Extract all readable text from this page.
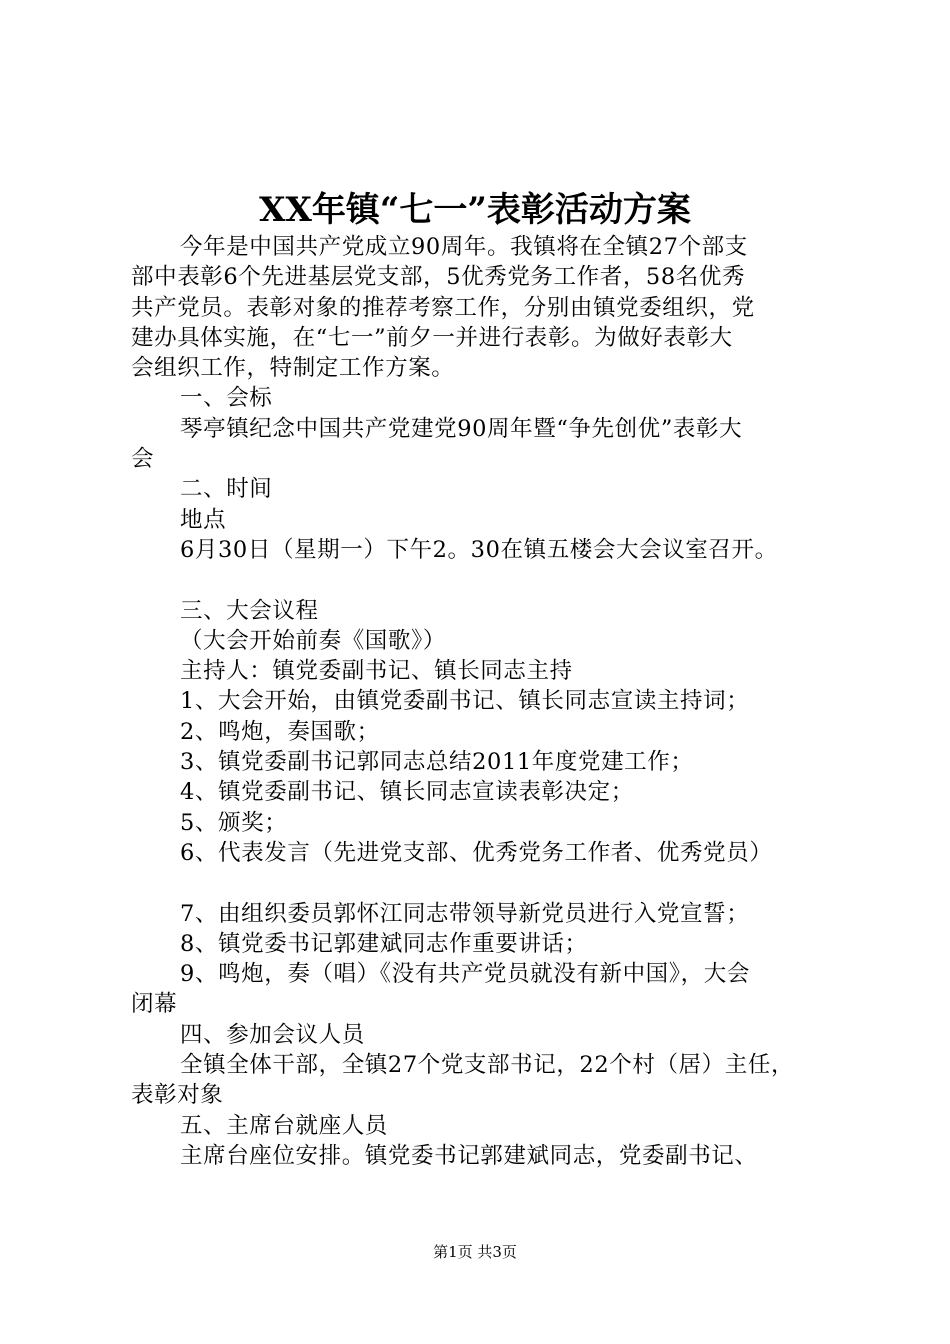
XX年镇“七一”表彰活动方案
今年是中国共产党成立90周年。我镇将在全镇27个部支
部中表彰6个先进基层党支部，5优秀党务工作者，58名优秀
共产党员。表彰对象的推荐考察工作，分别由镇党委组织，党
建办具体实施，在“七一”前夕一并进行表彰。为做好表彰大
会组织工作，特制定工作方案。
一、会标
琴亭镇纪念中国共产党建党90周年暨“争先创优”表彰大
会
二、时间
地点
6月30日（星期一）下午2。30在镇五楼会大会议室召开。
三、大会议程
（大会开始前奏《国歌》）
主持人：镇党委副书记、镇长同志主持
1、大会开始，由镇党委副书记、镇长同志宣读主持词；
2、鸣炮，奏国歌；
3、镇党委副书记郭同志总结2011年度党建工作；
4、镇党委副书记、镇长同志宣读表彰决定；
5、颁奖；
6、代表发言（先进党支部、优秀党务工作者、优秀党员）
7、由组织委员郭怀江同志带领导新党员进行入党宣誓；
8、镇党委书记郭建斌同志作重要讲话；
9、鸣炮，奏（唱）《没有共产党员就没有新中国》，大会
闭幕
四、参加会议人员
全镇全体干部，全镇27个党支部书记，22个村（居）主任，
表彰对象
五、主席台就座人员
主席台座位安排。镇党委书记郭建斌同志，党委副书记、
第1页 共3页
